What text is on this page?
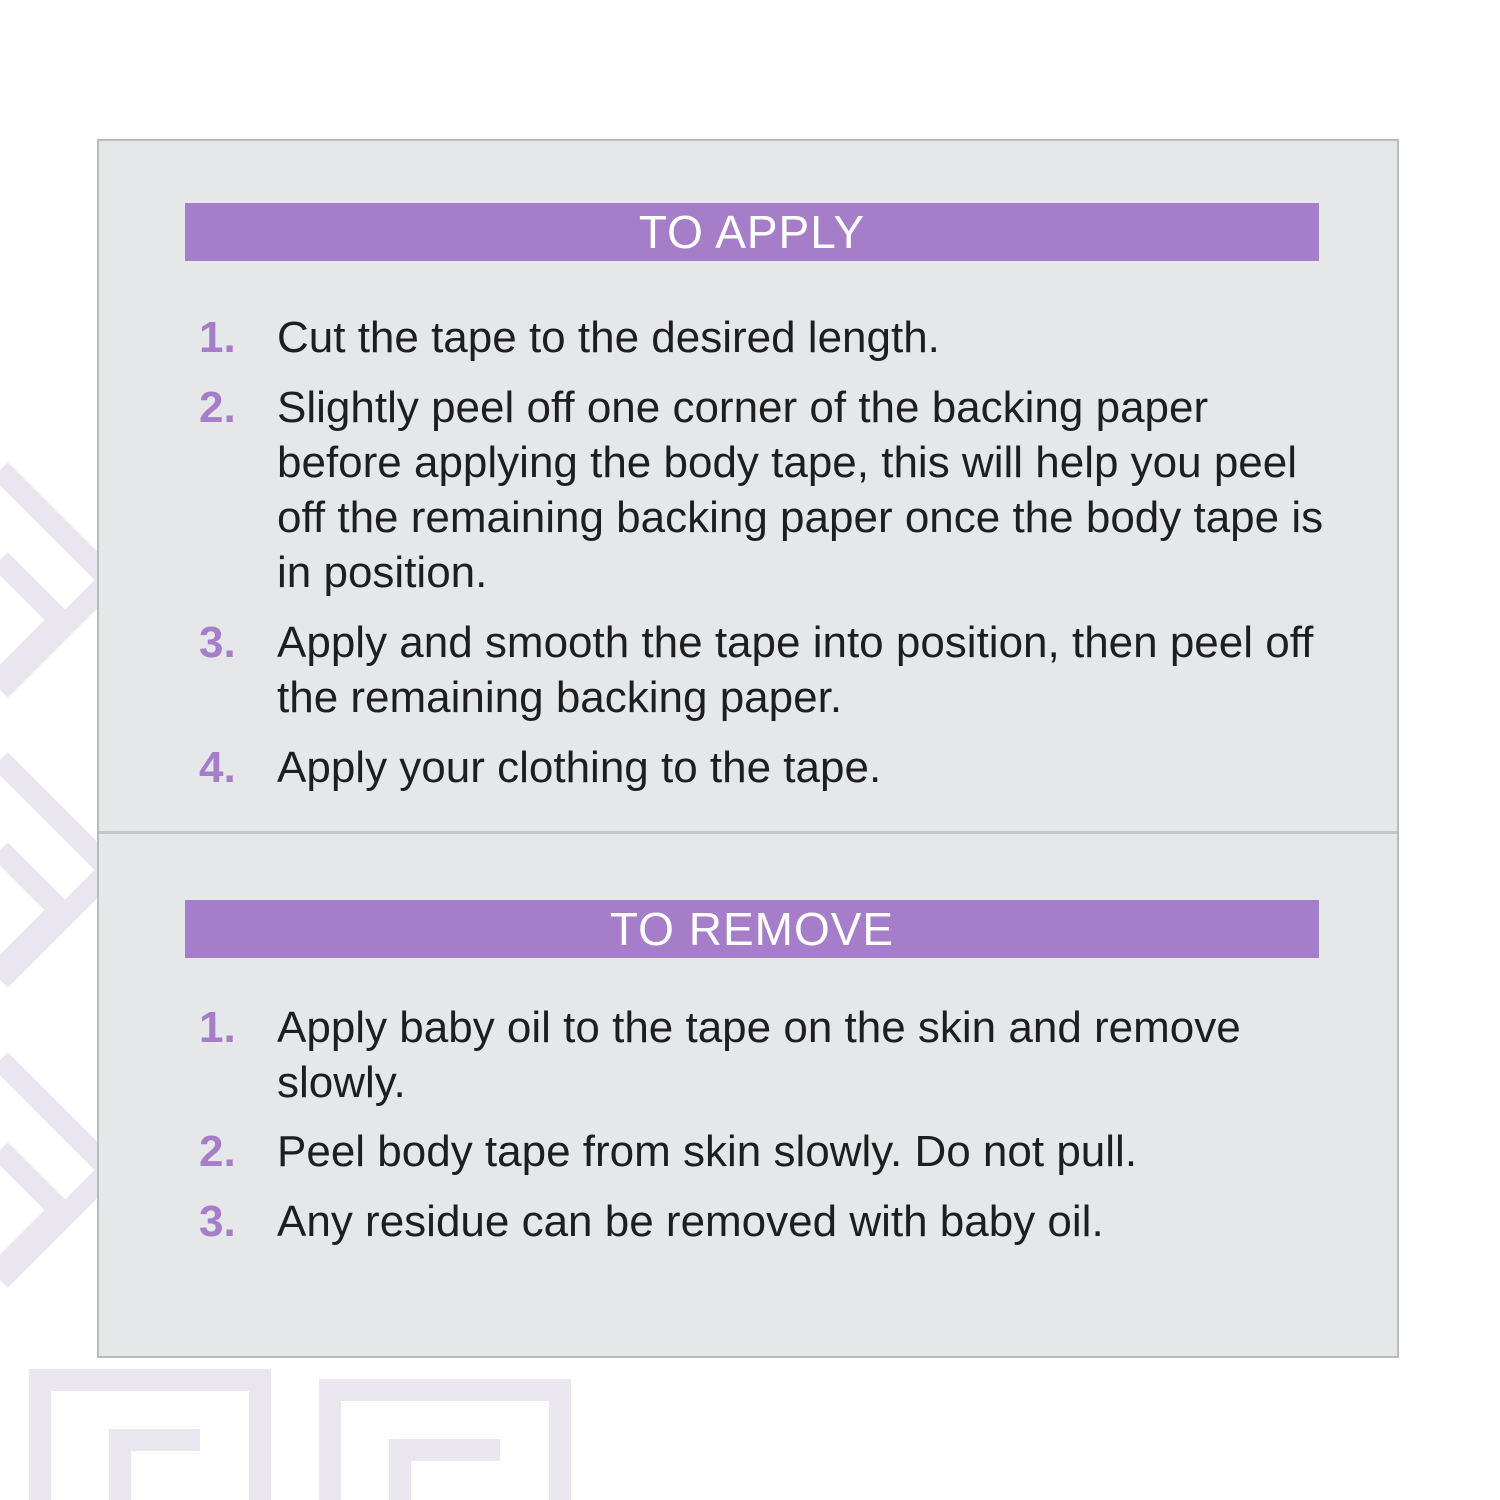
TO APPLY
1. Cut the tape to the desired length.
2. Slightly peel off one corner of the backing paper before applying the body tape, this will help you peel off the remaining backing paper once the body tape is in position.
3. Apply and smooth the tape into position, then peel off the remaining backing paper.
4. Apply your clothing to the tape.
TO REMOVE
1. Apply baby oil to the tape on the skin and remove slowly.
2. Peel body tape from skin slowly. Do not pull.
3. Any residue can be removed with baby oil.
